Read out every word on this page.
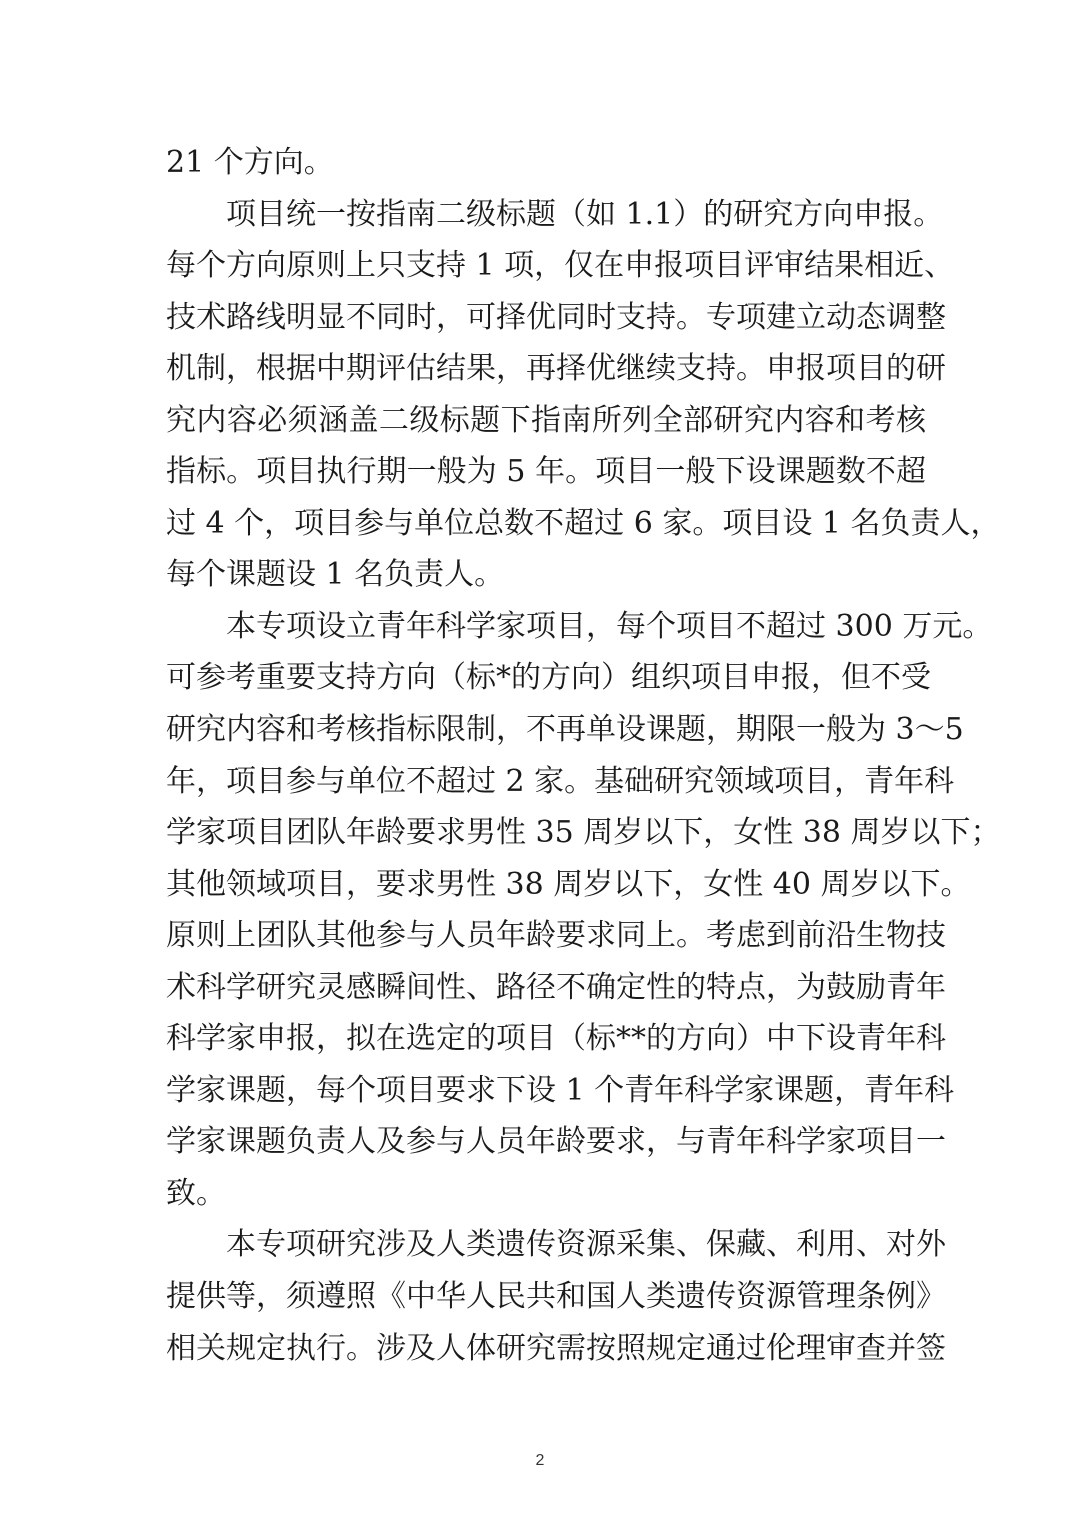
21 个方向。
项目统一按指南二级标题（如 1.1）的研究方向申报。
每个方向原则上只支持 1 项，仅在申报项目评审结果相近、
技术路线明显不同时，可择优同时支持。专项建立动态调整
机制，根据中期评估结果，再择优继续支持。申报项目的研
究内容必须涵盖二级标题下指南所列全部研究内容和考核
指标。项目执行期一般为 5 年。项目一般下设课题数不超
过 4 个，项目参与单位总数不超过 6 家。项目设 1 名负责人，
每个课题设 1 名负责人。
本专项设立青年科学家项目，每个项目不超过 300 万元。
可参考重要支持方向（标*的方向）组织项目申报，但不受
研究内容和考核指标限制，不再单设课题，期限一般为 3～5
年，项目参与单位不超过 2 家。基础研究领域项目，青年科
学家项目团队年龄要求男性 35 周岁以下，女性 38 周岁以下；
其他领域项目，要求男性 38 周岁以下，女性 40 周岁以下。
原则上团队其他参与人员年龄要求同上。考虑到前沿生物技
术科学研究灵感瞬间性、路径不确定性的特点，为鼓励青年
科学家申报，拟在选定的项目（标**的方向）中下设青年科
学家课题，每个项目要求下设 1 个青年科学家课题，青年科
学家课题负责人及参与人员年龄要求，与青年科学家项目一
致。
本专项研究涉及人类遗传资源采集、保藏、利用、对外
提供等，须遵照《中华人民共和国人类遗传资源管理条例》
相关规定执行。涉及人体研究需按照规定通过伦理审查并签
2
